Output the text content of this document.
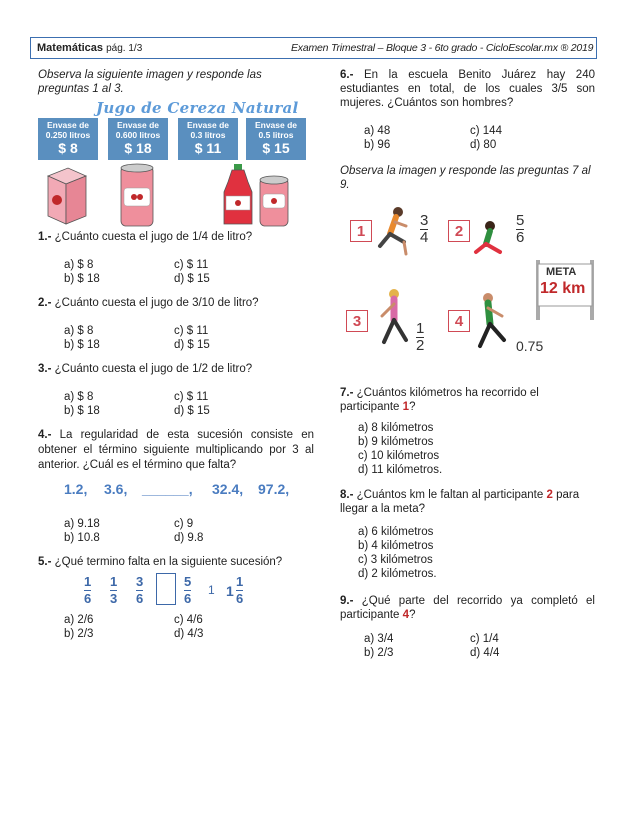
Matemáticas pág. 1/3	Examen Trimestral – Bloque 3 - 6to grado - CicloEscolar.mx ® 2019

Observa la siguiente imagen y responde las preguntas 1 al 3.

Jugo de Cereza Natural
Envase de
0.250 litros
$ 8
Envase de
0.600 litros
$ 18
Envase de
0.3 litros
$ 11
Envase de
0.5 litros
$ 15

1.- ¿Cuánto cuesta el jugo de 1/4 de litro?

a) $ 8
b) $ 18
c) $ 11
d) $ 15

2.- ¿Cuánto cuesta el jugo de 3/10 de litro?

a) $ 8
b) $ 18
c) $ 11
d) $ 15

3.- ¿Cuánto cuesta el jugo de 1/2 de litro?

a) $ 8
b) $ 18
c) $ 11
d) $ 15

4.- La regularidad de esta sucesión consiste en obtener el término siguiente multiplicando por 3 al anterior. ¿Cuál es el término que falta?

1.2, 3.6, ______, 32.4, 97.2,
a) 9.18
b) 10.8
c) 9
d) 9.8

5.- ¿Qué termino falta en la siguiente sucesión?

1
6
1
3
3
6
5
6
1 1
1
6
a) 2/6
b) 2/3
c) 4/6
d) 4/3

6.- En la escuela Benito Juárez hay 240 estudiantes en total, de los cuales 3/5 son mujeres. ¿Cuántos son hombres?

a) 48
b) 96
c) 144
d) 80

Observa la imagen y responde las preguntas 7 al 9.

1
3
4	2
5
6
3	1
2
4
0.75
META
12 km

7.- ¿Cuántos kilómetros ha recorrido el participante 1?

a) 8 kilómetros
b) 9 kilómetros
c) 10 kilómetros
d) 11 kilómetros.

8.- ¿Cuántos km le faltan al participante 2 para llegar a la meta?

a) 6 kilómetros
b) 4 kilómetros
c) 3 kilómetros
d) 2 kilómetros.

9.- ¿Qué parte del recorrido ya completó el participante 4?

a) 3/4
b) 2/3
c) 1/4
d) 4/4
